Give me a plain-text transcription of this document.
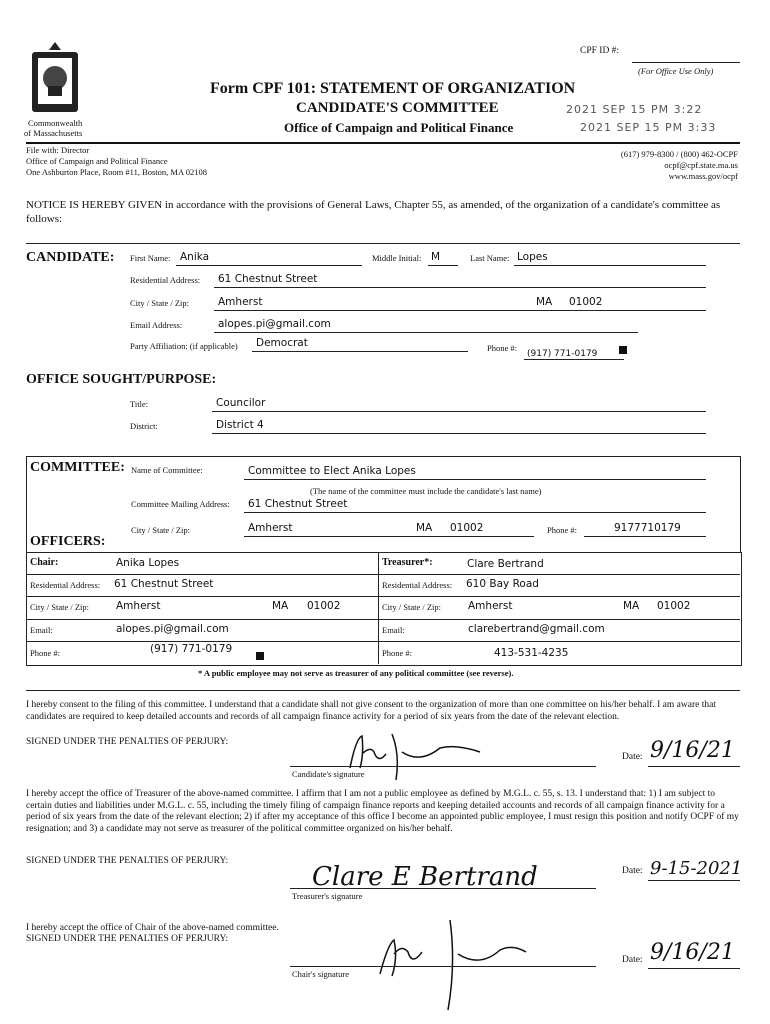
Commonwealth
of Massachusetts
CPF ID #:
(For Office Use Only)
Form CPF 101: STATEMENT OF ORGANIZATION
CANDIDATE'S COMMITTEE
Office of Campaign and Political Finance
2021 SEP 15 PM 3:22
2021 SEP 15 PM 3:33
File with: Director
Office of Campaign and Political Finance
One Ashburton Place, Room #11, Boston, MA 02108
(617) 979-8300 / (800) 462-OCPF
ocpf@cpf.state.ma.us
www.mass.gov/ocpf
NOTICE IS HEREBY GIVEN in accordance with the provisions of General Laws, Chapter 55, as amended, of the organization of a candidate's committee as follows:
CANDIDATE: First Name: Anika	Middle Initial: M	Last Name: Lopes
Residential Address: 61 Chestnut Street
City / State / Zip:	Amherst	MA 01002
Email Address:	alopes.pi@gmail.com
Party Affiliation: (if applicable) Democrat	Phone #:
(917) 771-0179
OFFICE SOUGHT/PURPOSE:
Title:	Councilor
District:	District 4
COMMITTEE: Name of Committee:	Committee to Elect Anika Lopes
(The name of the committee must include the candidate's last name)
Committee Mailing Address: 61 Chestnut Street
City / State / Zip:	Amherst	MA 01002	Phone #:	9177710179
OFFICERS:
Chair:	Anika Lopes
Residential Address: 61 Chestnut Street
City / State / Zip:	Amherst	MA 01002
Email:	alopes.pi@gmail.com
Phone #:	(917) 771-0179
Treasurer*:	Clare Bertrand
Residential Address: 610 Bay Road
City / State / Zip:	Amherst	MA 01002
Email:	clarebertrand@gmail.com
Phone #:	413-531-4235
* A public employee may not serve as treasurer of any political committee (see reverse).
I hereby consent to the filing of this committee. I understand that a candidate shall not give consent to the organization of more than one committee on his/her behalf. I am aware that candidates are required to keep detailed accounts and records of all campaign finance activity for a period of six years from the date of the relevant election.
SIGNED UNDER THE PENALTIES OF PERJURY:
Candidate's signature
Date: 9/16/21
I hereby accept the office of Treasurer of the above-named committee. I affirm that I am not a public employee as defined by M.G.L. c. 55, s. 13. I understand that: 1) I am subject to certain duties and liabilities under M.G.L. c. 55, including the timely filing of campaign finance reports and keeping detailed accounts and records of all campaign finance activity for a period of six years from the date of the relevant election; 2) if after my acceptance of this office I become an appointed public employee, I must resign this position and notify OCPF of my resignation; and 3) a candidate may not serve as treasurer of the political committee organized on his/her behalf.
SIGNED UNDER THE PENALTIES OF PERJURY:
Clare E Bertrand
Treasurer's signature
Date: 9-15-2021
I hereby accept the office of Chair of the above-named committee.
SIGNED UNDER THE PENALTIES OF PERJURY:
Chair's signature
Date: 9/16/21
